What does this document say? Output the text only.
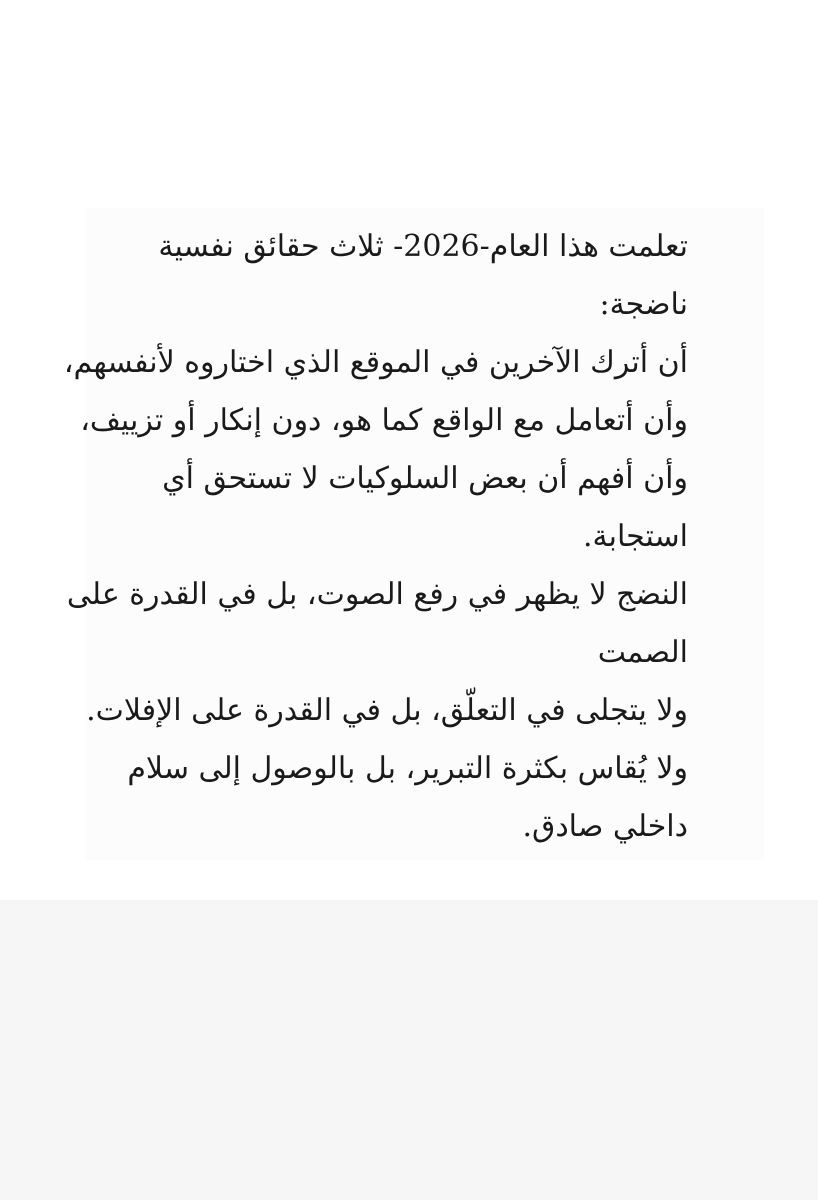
تعلمت هذا العام-2026- ثلاث حقائق نفسية
ناضجة:
أن أترك الآخرين في الموقع الذي اختاروه لأنفسهم،
وأن أتعامل مع الواقع كما هو، دون إنكار أو تزييف،
وأن أفهم أن بعض السلوكيات لا تستحق أي
استجابة.
النضج لا يظهر في رفع الصوت، بل في القدرة على
الصمت
ولا يتجلى في التعلّق، بل في القدرة على الإفلات.
ولا يُقاس بكثرة التبرير، بل بالوصول إلى سلام
داخلي صادق.
